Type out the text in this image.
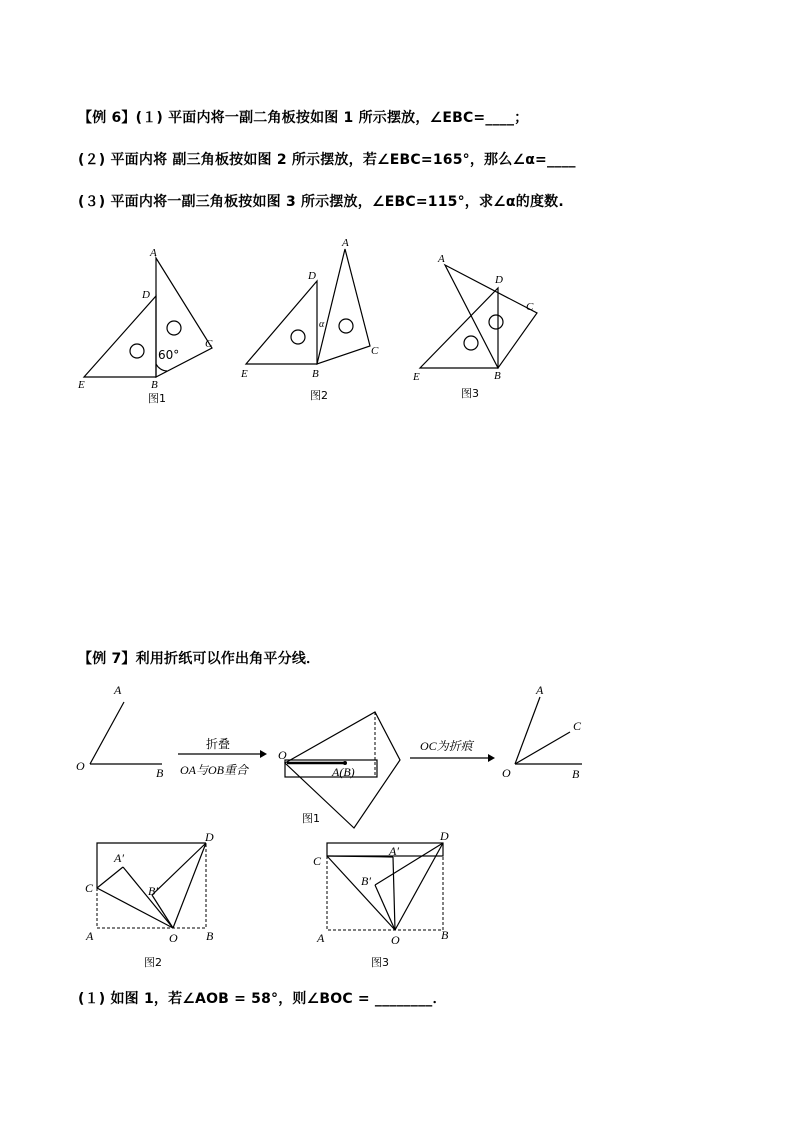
【例 6】(１) 平面内将一副二角板按如图 1 所示摆放，∠EBC=____；
(２) 平面内将 副三角板按如图 2 所示摆放，若∠EBC=165°，那么∠α=____
(３) 平面内将一副三角板按如图 3 所示摆放，∠EBC=115°，求∠α的度数.
A
D
C
E	B
60°
图1
A
D
C
E	B
α
图2
A
D
C
E	B
图3
【例 7】利用折纸可以作出角平分线．
A
O	B
折叠
OA与OB重合
O
A(B)
OC为折痕
A
C
O	B
图1
D
A′
B′
C
A	O B
图2
D
A′
B′
C
A	O	B
图3
(１) 如图 1，若∠AOB = 58°，则∠BOC = ________．
